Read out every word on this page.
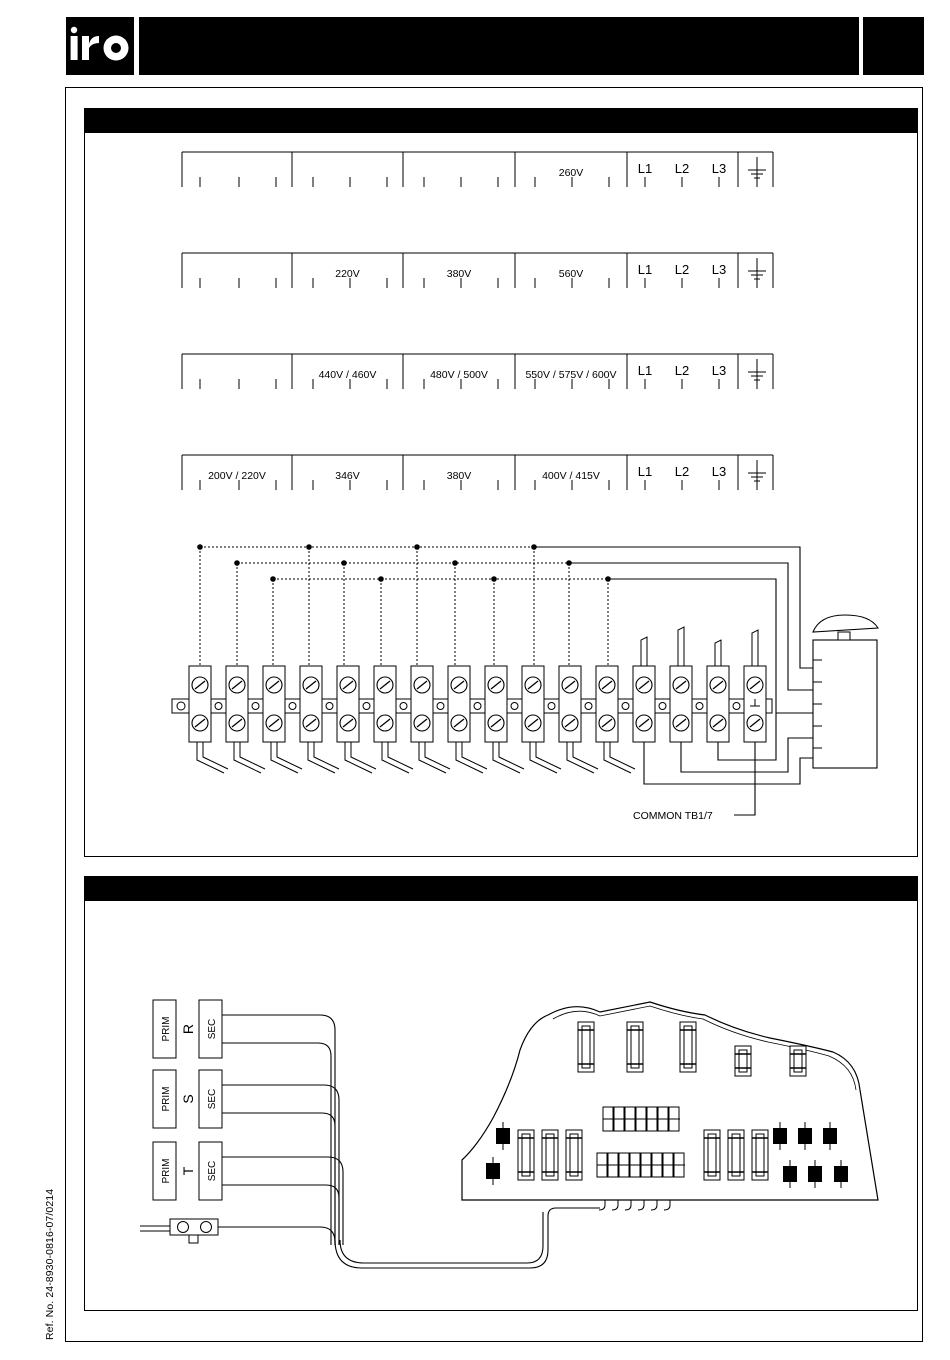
260V	L1 L2 L3
220V	380V	560V	L1 L2 L3
440V / 460V	480V / 500V	550V / 575V / 600V L1 L2 L3
200V / 220V	346V	380V	400V / 415V	L1 L2 L3
COMMON TB1/7
PRIM	SEC
R
PRIM	SEC
S
PRIM	SEC
T
Ref. No. 24-8930-0816-07/0214
